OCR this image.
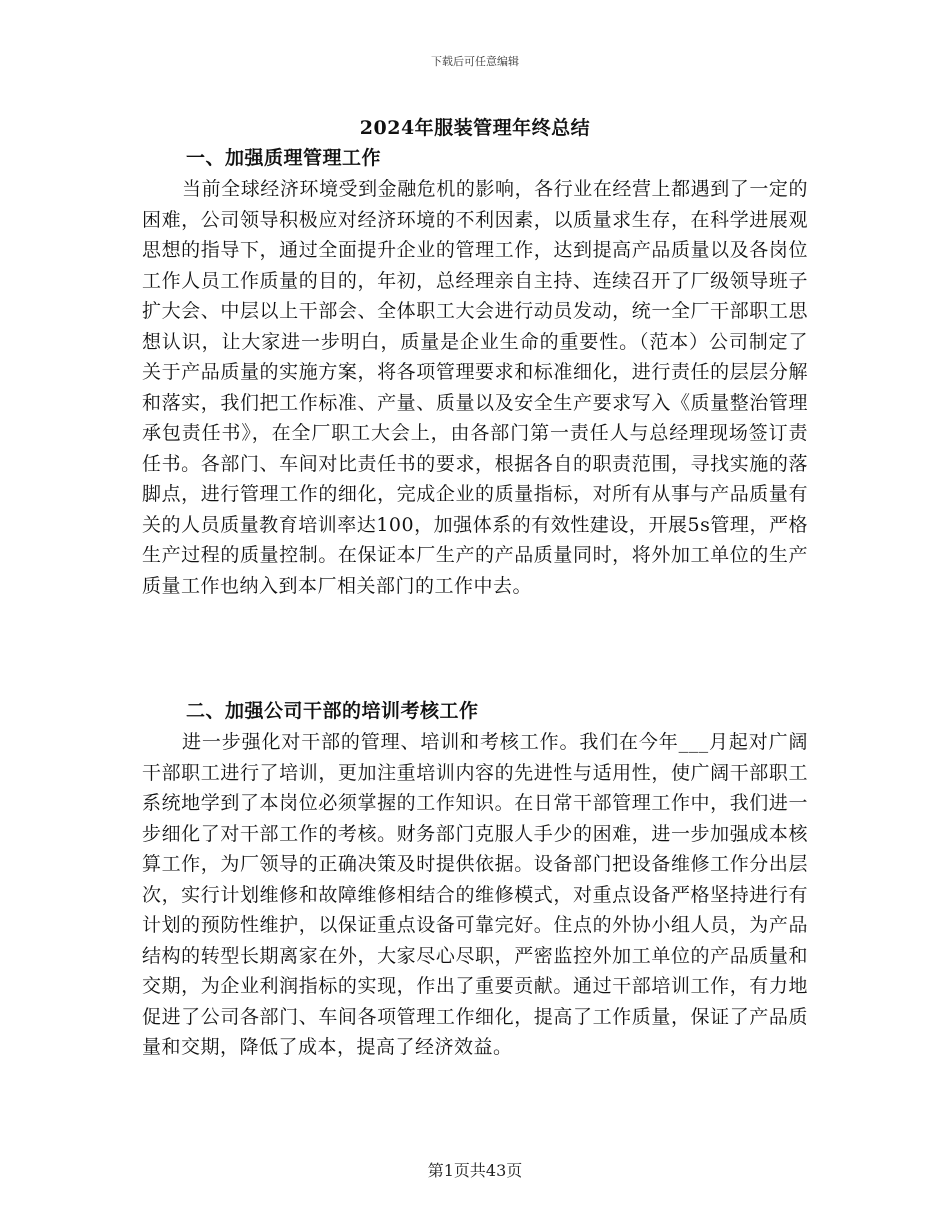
下载后可任意编辑
2024年服装管理年终总结
一、加强质理管理工作

当前全球经济环境受到金融危机的影响，各行业在经营上都遇到了一定的困难，公司领导积极应对经济环境的不利因素，以质量求生存，在科学进展观思想的指导下，通过全面提升企业的管理工作，达到提高产品质量以及各岗位工作人员工作质量的目的，年初，总经理亲自主持、连续召开了厂级领导班子扩大会、中层以上干部会、全体职工大会进行动员发动，统一全厂干部职工思想认识，让大家进一步明白，质量是企业生命的重要性。（范本）公司制定了关于产品质量的实施方案，将各项管理要求和标准细化，进行责任的层层分解和落实，我们把工作标准、产量、质量以及安全生产要求写入《质量整治管理承包责任书》，在全厂职工大会上，由各部门第一责任人与总经理现场签订责任书。各部门、车间对比责任书的要求，根据各自的职责范围，寻找实施的落脚点，进行管理工作的细化，完成企业的质量指标，对所有从事与产品质量有关的人员质量教育培训率达100，加强体系的有效性建设，开展5s管理，严格生产过程的质量控制。在保证本厂生产的产品质量同时，将外加工单位的生产质量工作也纳入到本厂相关部门的工作中去。

二、加强公司干部的培训考核工作

进一步强化对干部的管理、培训和考核工作。我们在今年___月起对广阔干部职工进行了培训，更加注重培训内容的先进性与适用性，使广阔干部职工系统地学到了本岗位必须掌握的工作知识。在日常干部管理工作中，我们进一步细化了对干部工作的考核。财务部门克服人手少的困难，进一步加强成本核算工作，为厂领导的正确决策及时提供依据。设备部门把设备维修工作分出层次，实行计划维修和故障维修相结合的维修模式，对重点设备严格坚持进行有计划的预防性维护，以保证重点设备可靠完好。住点的外协小组人员，为产品结构的转型长期离家在外，大家尽心尽职，严密监控外加工单位的产品质量和交期，为企业利润指标的实现，作出了重要贡献。通过干部培训工作，有力地促进了公司各部门、车间各项管理工作细化，提高了工作质量，保证了产品质量和交期，降低了成本，提高了经济效益。

第1页共43页
